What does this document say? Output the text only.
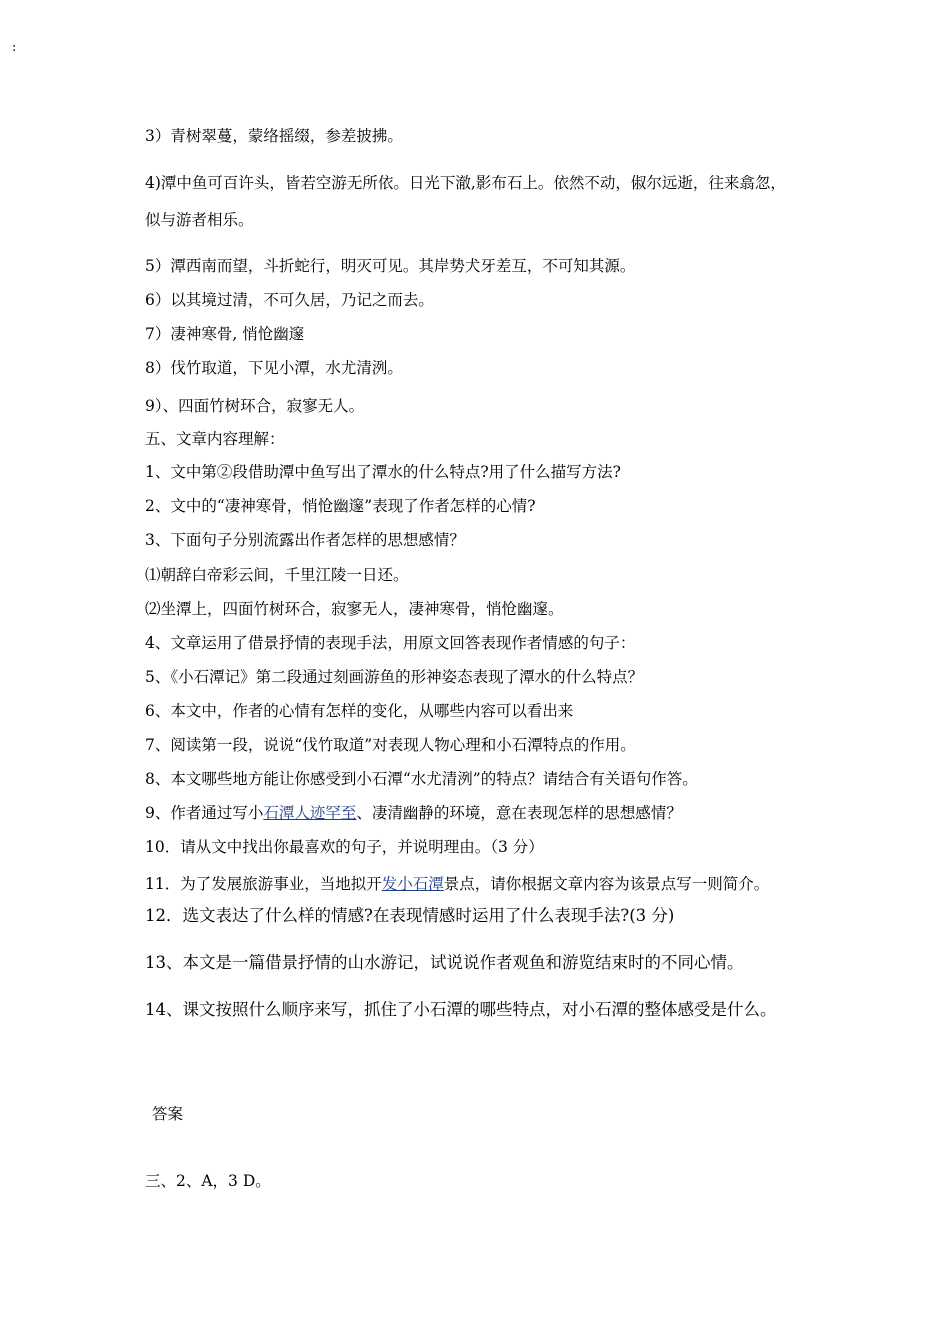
:
3）青树翠蔓，蒙络摇缀，参差披拂。
4)潭中鱼可百许头，皆若空游无所依。日光下澈,影布石上。依然不动，俶尔远逝，往来翕忽，
似与游者相乐。
5）潭西南而望，斗折蛇行，明灭可见。其岸势犬牙差互，不可知其源。
6）以其境过清，不可久居，乃记之而去。
7）凄神寒骨, 悄怆幽邃
8）伐竹取道，下见小潭，水尤清洌。
9）、四面竹树环合，寂寥无人。
五、文章内容理解：
1、文中第②段借助潭中鱼写出了潭水的什么特点?用了什么描写方法?
2、文中的“凄神寒骨，悄怆幽邃”表现了作者怎样的心情?
3、下面句子分别流露出作者怎样的思想感情？
⑴朝辞白帝彩云间，千里江陵一日还。
⑵坐潭上，四面竹树环合，寂寥无人，凄神寒骨，悄怆幽邃。
4、文章运用了借景抒情的表现手法，用原文回答表现作者情感的句子：
5、《小石潭记》第二段通过刻画游鱼的形神姿态表现了潭水的什么特点？
6、本文中，作者的心情有怎样的变化，从哪些内容可以看出来
7、阅读第一段，说说“伐竹取道”对表现人物心理和小石潭特点的作用。
8、本文哪些地方能让你感受到小石潭“水尤清洌”的特点？请结合有关语句作答。
9、作者通过写小石潭人迹罕至、凄清幽静的环境，意在表现怎样的思想感情？
10．请从文中找出你最喜欢的句子，并说明理由。（3 分）
11．为了发展旅游事业，当地拟开发小石潭景点，请你根据文章内容为该景点写一则简介。
12．选文表达了什么样的情感?在表现情感时运用了什么表现手法?(3 分)
13、本文是一篇借景抒情的山水游记，试说说作者观鱼和游览结束时的不同心情。
14、课文按照什么顺序来写，抓住了小石潭的哪些特点，对小石潭的整体感受是什么。
答案
三、2、A，3 D。
